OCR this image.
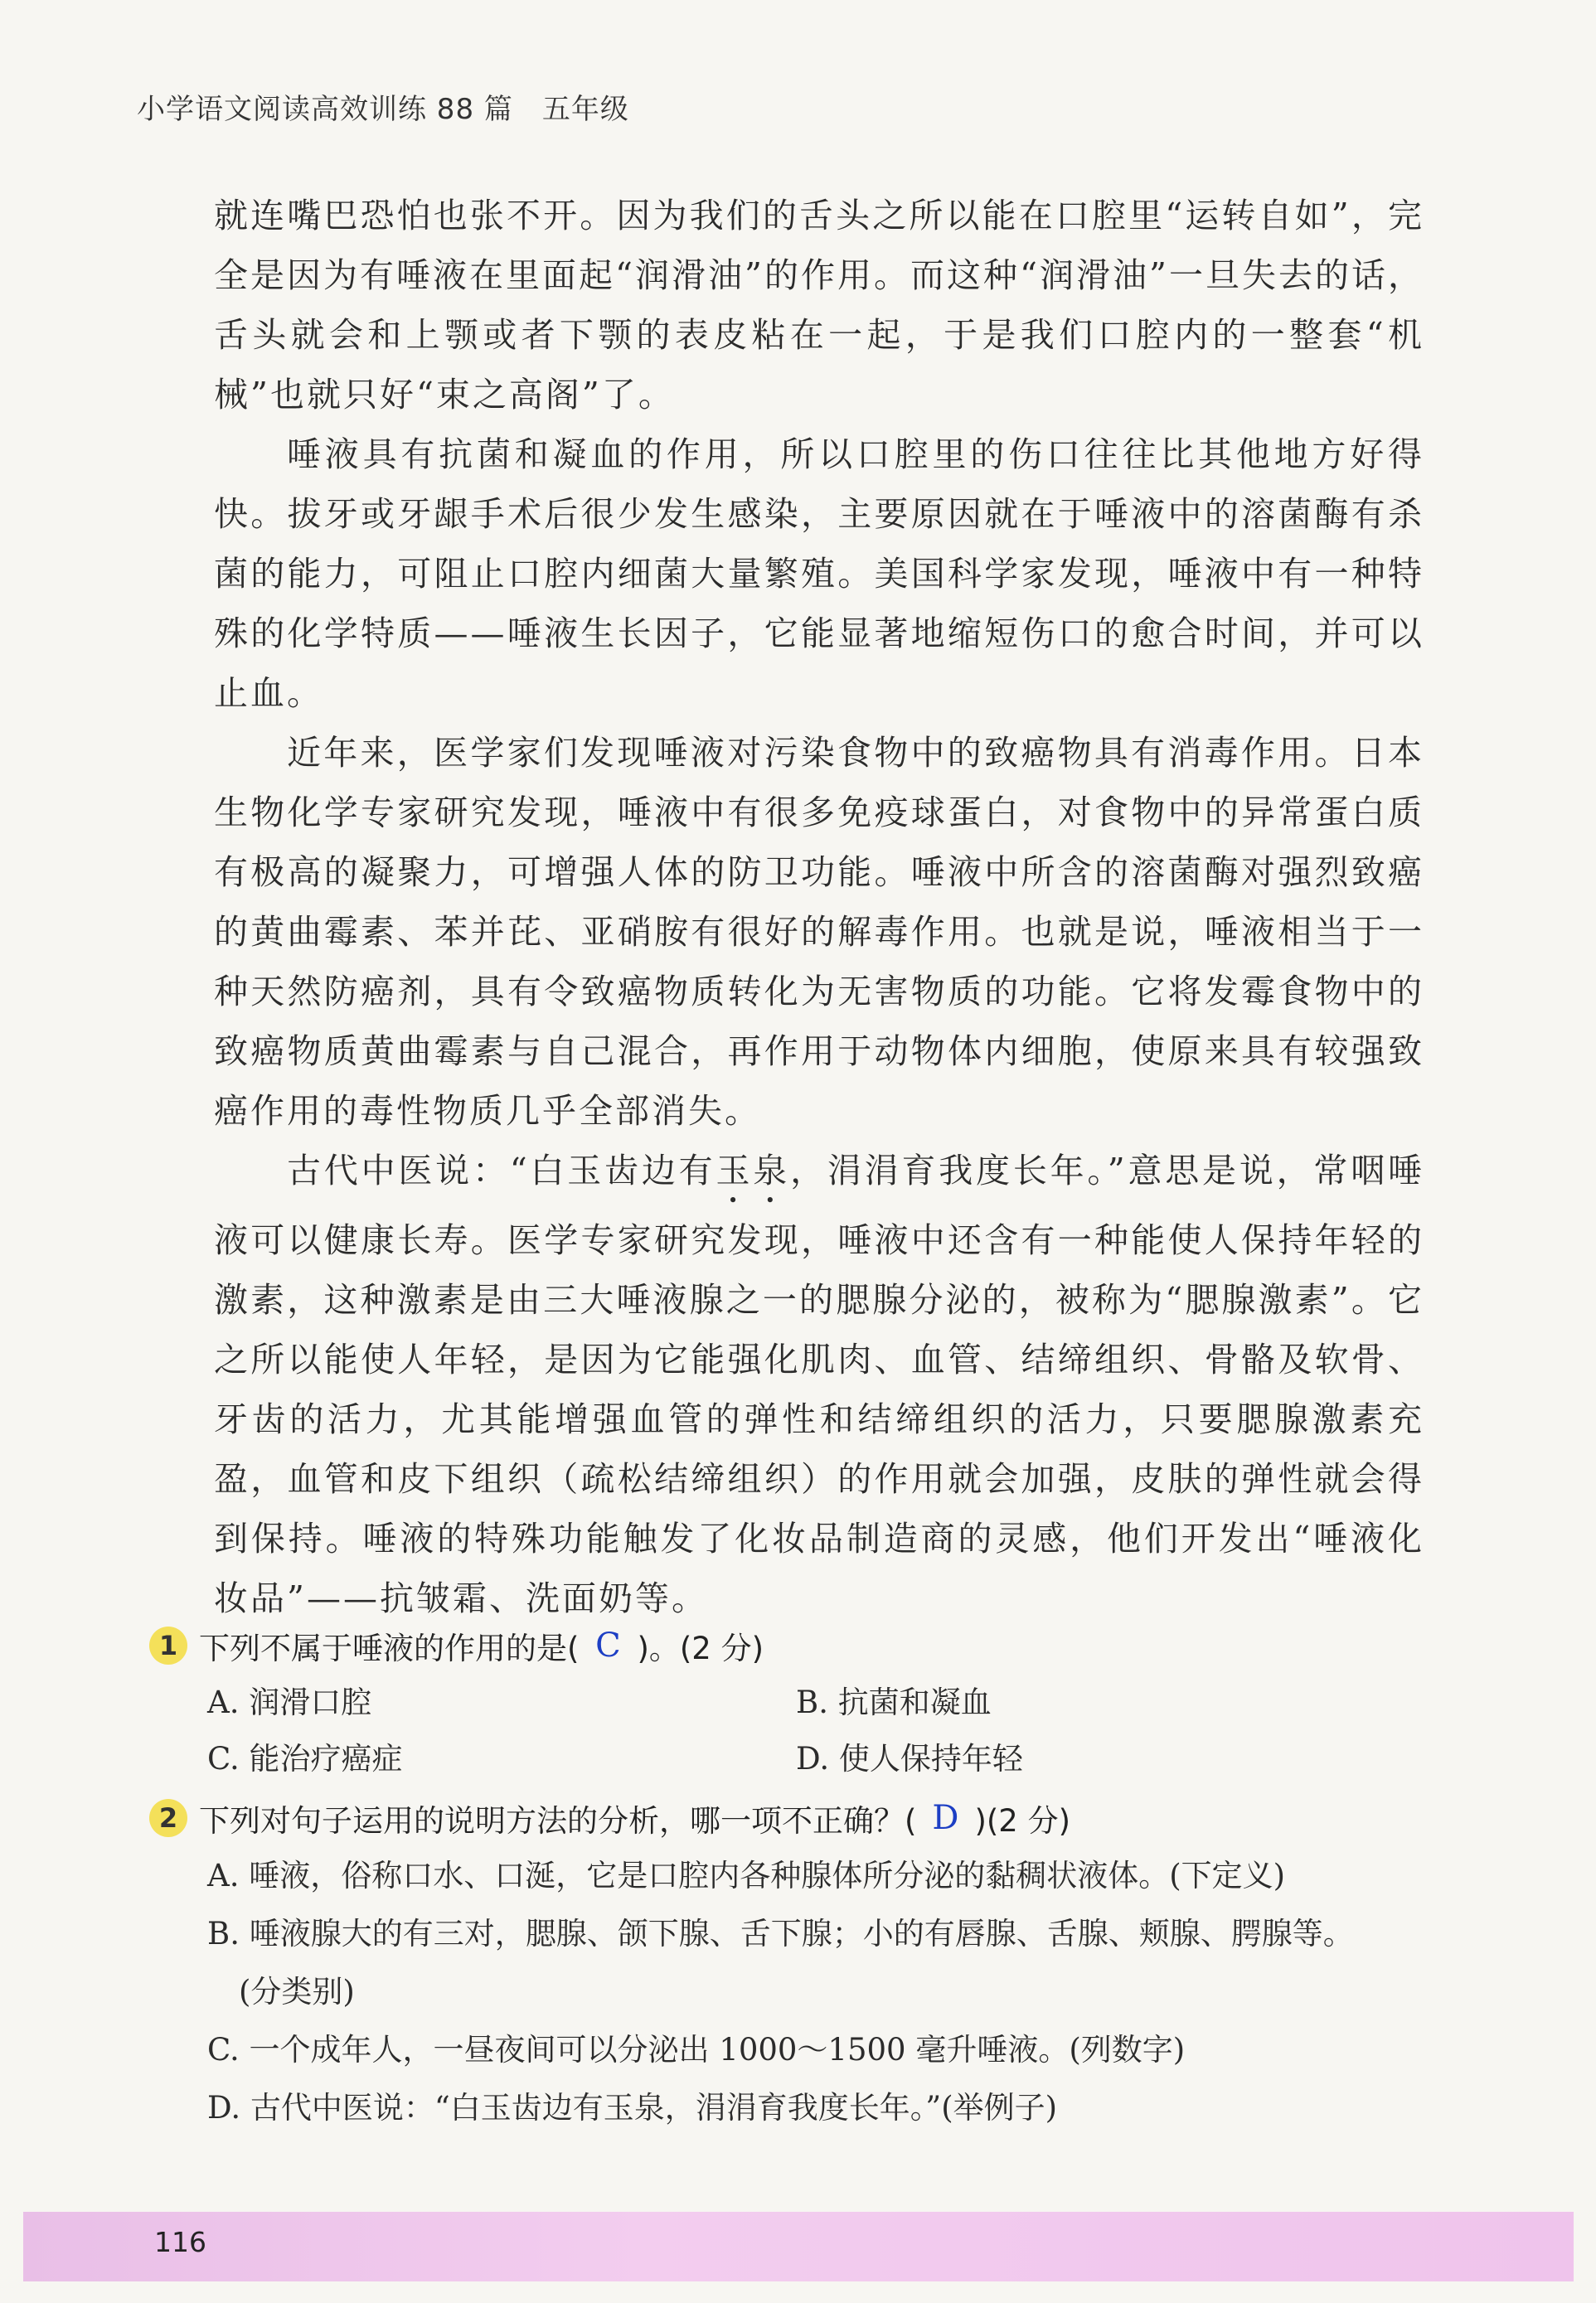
小学语文阅读高效训练 88 篇　五年级

就连嘴巴恐怕也张不开。因为我们的舌头之所以能在口腔里“运转自如”，完全是因为有唾液在里面起“润滑油”的作用。而这种“润滑油”一旦失去的话，舌头就会和上颚或者下颚的表皮粘在一起，于是我们口腔内的一整套“机械”也就只好“束之高阁”了。

唾液具有抗菌和凝血的作用，所以口腔里的伤口往往比其他地方好得快。拔牙或牙龈手术后很少发生感染，主要原因就在于唾液中的溶菌酶有杀菌的能力，可阻止口腔内细菌大量繁殖。美国科学家发现，唾液中有一种特殊的化学特质——唾液生长因子，它能显著地缩短伤口的愈合时间，并可以止血。

近年来，医学家们发现唾液对污染食物中的致癌物具有消毒作用。日本生物化学专家研究发现，唾液中有很多免疫球蛋白，对食物中的异常蛋白质有极高的凝聚力，可增强人体的防卫功能。唾液中所含的溶菌酶对强烈致癌的黄曲霉素、苯并芘、亚硝胺有很好的解毒作用。也就是说，唾液相当于一种天然防癌剂，具有令致癌物质转化为无害物质的功能。它将发霉食物中的致癌物质黄曲霉素与自己混合，再作用于动物体内细胞，使原来具有较强致癌作用的毒性物质几乎全部消失。

古代中医说：“白玉齿边有玉泉，涓涓育我度长年。”意思是说，常咽唾液可以健康长寿。医学专家研究发现，唾液中还含有一种能使人保持年轻的激素，这种激素是由三大唾液腺之一的腮腺分泌的，被称为“腮腺激素”。它之所以能使人年轻，是因为它能强化肌肉、血管、结缔组织、骨骼及软骨、牙齿的活力，尤其能增强血管的弹性和结缔组织的活力，只要腮腺激素充盈，血管和皮下组织（疏松结缔组织）的作用就会加强，皮肤的弹性就会得到保持。唾液的特殊功能触发了化妆品制造商的灵感，他们开发出“唾液化妆品”——抗皱霜、洗面奶等。

1 下列不属于唾液的作用的是( C )。(2 分)
A. 润滑口腔	B. 抗菌和凝血
C. 能治疗癌症	D. 使人保持年轻
2 下列对句子运用的说明方法的分析，哪一项不正确？( D )(2 分)
A. 唾液，俗称口水、口涎，它是口腔内各种腺体所分泌的黏稠状液体。(下定义)
B. 唾液腺大的有三对，腮腺、颌下腺、舌下腺；小的有唇腺、舌腺、颊腺、腭腺等。
(分类别)
C. 一个成年人，一昼夜间可以分泌出 1000～1500 毫升唾液。(列数字)
D. 古代中医说：“白玉齿边有玉泉，涓涓育我度长年。”(举例子)
116
